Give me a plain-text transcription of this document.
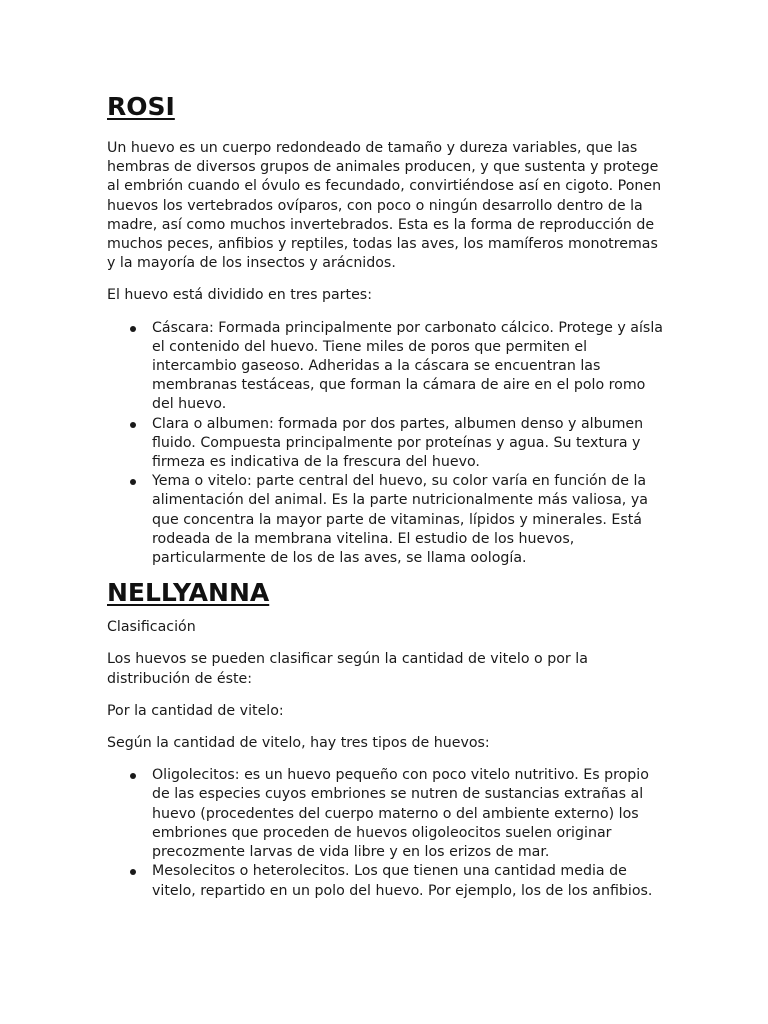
ROSI

Un huevo es un cuerpo redondeado de tamaño y dureza variables, que las hembras de diversos grupos de animales producen, y que sustenta y protege al embrión cuando el óvulo es fecundado, convirtiéndose así en cigoto. Ponen huevos los vertebrados ovíparos, con poco o ningún desarrollo dentro de la madre, así como muchos invertebrados. Esta es la forma de reproducción de muchos peces, anfibios y reptiles, todas las aves, los mamíferos monotremas y la mayoría de los insectos y arácnidos.

El huevo está dividido en tres partes:

Cáscara: Formada principalmente por carbonato cálcico. Protege y aísla el contenido del huevo. Tiene miles de poros que permiten el intercambio gaseoso. Adheridas a la cáscara se encuentran las membranas testáceas, que forman la cámara de aire en el polo romo del huevo.
Clara o albumen: formada por dos partes, albumen denso y albumen fluido. Compuesta principalmente por proteínas y agua. Su textura y firmeza es indicativa de la frescura del huevo.
Yema o vitelo: parte central del huevo, su color varía en función de la alimentación del animal. Es la parte nutricionalmente más valiosa, ya que concentra la mayor parte de vitaminas, lípidos y minerales. Está rodeada de la membrana vitelina. El estudio de los huevos, particularmente de los de las aves, se llama oología.
NELLYANNA

Clasificación

Los huevos se pueden clasificar según la cantidad de vitelo o por la distribución de éste:

Por la cantidad de vitelo:

Según la cantidad de vitelo, hay tres tipos de huevos:

Oligolecitos: es un huevo pequeño con poco vitelo nutritivo. Es propio de las especies cuyos embriones se nutren de sustancias extrañas al huevo (procedentes del cuerpo materno o del ambiente externo) los embriones que proceden de huevos oligoleocitos suelen originar precozmente larvas de vida libre y en los erizos de mar.
Mesolecitos o heterolecitos. Los que tienen una cantidad media de vitelo, repartido en un polo del huevo. Por ejemplo, los de los anfibios.
